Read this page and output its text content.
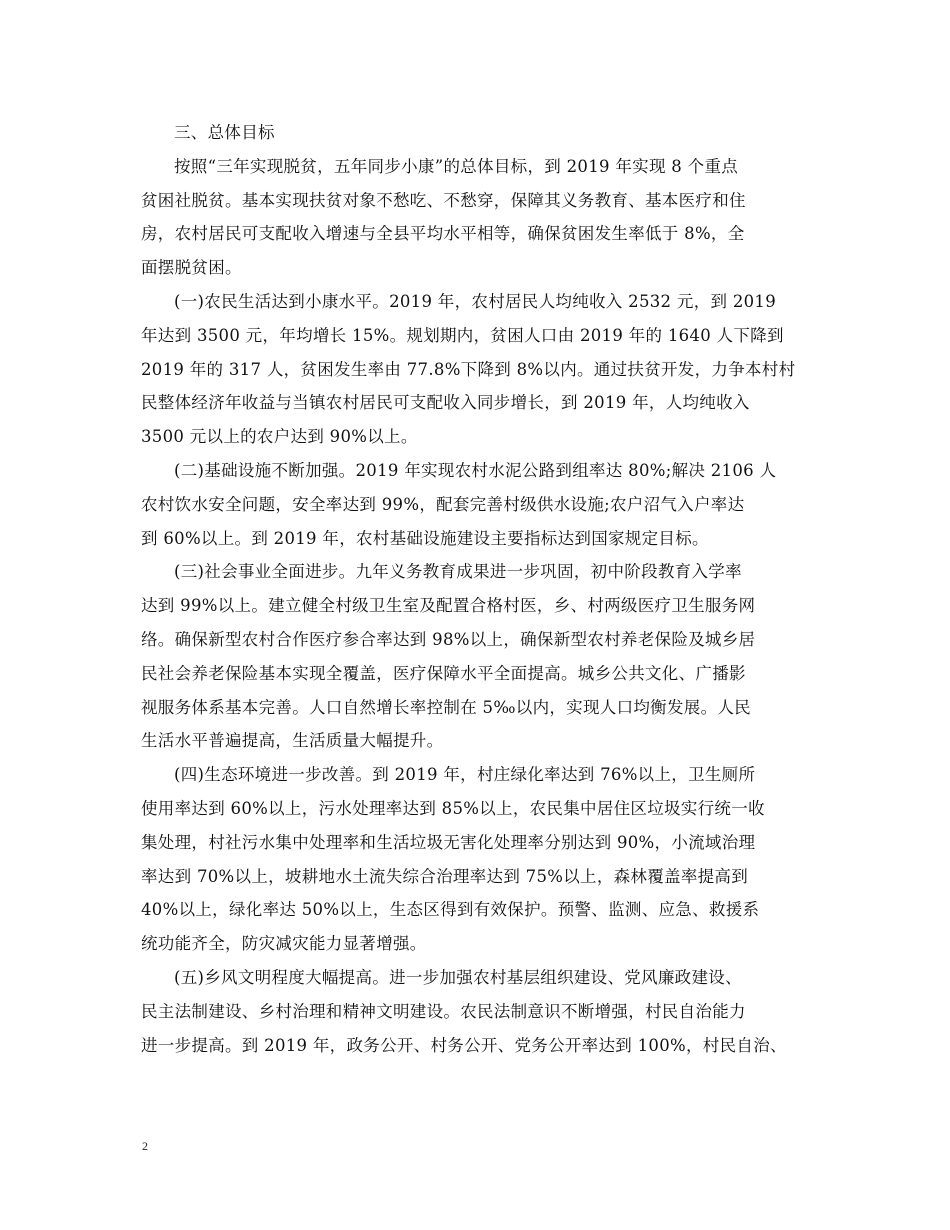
三、总体目标
按照“三年实现脱贫，五年同步小康”的总体目标，到 2019 年实现 8 个重点
贫困社脱贫。基本实现扶贫对象不愁吃、不愁穿，保障其义务教育、基本医疗和住
房，农村居民可支配收入增速与全县平均水平相等，确保贫困发生率低于 8%，全
面摆脱贫困。
(一)农民生活达到小康水平。2019 年，农村居民人均纯收入 2532 元，到 2019
年达到 3500 元，年均增长 15%。规划期内，贫困人口由 2019 年的 1640 人下降到
2019 年的 317 人，贫困发生率由 77.8%下降到 8%以内。通过扶贫开发，力争本村村
民整体经济年收益与当镇农村居民可支配收入同步增长，到 2019 年，人均纯收入
3500 元以上的农户达到 90%以上。
(二)基础设施不断加强。2019 年实现农村水泥公路到组率达 80%;解决 2106 人
农村饮水安全问题，安全率达到 99%，配套完善村级供水设施;农户沼气入户率达
到 60%以上。到 2019 年，农村基础设施建设主要指标达到国家规定目标。
(三)社会事业全面进步。九年义务教育成果进一步巩固，初中阶段教育入学率
达到 99%以上。建立健全村级卫生室及配置合格村医，乡、村两级医疗卫生服务网
络。确保新型农村合作医疗参合率达到 98%以上，确保新型农村养老保险及城乡居
民社会养老保险基本实现全覆盖，医疗保障水平全面提高。城乡公共文化、广播影
视服务体系基本完善。人口自然增长率控制在 5‰以内，实现人口均衡发展。人民
生活水平普遍提高，生活质量大幅提升。
(四)生态环境进一步改善。到 2019 年，村庄绿化率达到 76%以上，卫生厕所
使用率达到 60%以上，污水处理率达到 85%以上，农民集中居住区垃圾实行统一收
集处理，村社污水集中处理率和生活垃圾无害化处理率分别达到 90%，小流域治理
率达到 70%以上，坡耕地水土流失综合治理率达到 75%以上，森林覆盖率提高到
40%以上，绿化率达 50%以上，生态区得到有效保护。预警、监测、应急、救援系
统功能齐全，防灾减灾能力显著增强。
(五)乡风文明程度大幅提高。进一步加强农村基层组织建设、党风廉政建设、
民主法制建设、乡村治理和精神文明建设。农民法制意识不断增强，村民自治能力
进一步提高。到 2019 年，政务公开、村务公开、党务公开率达到 100%，村民自治、
2
